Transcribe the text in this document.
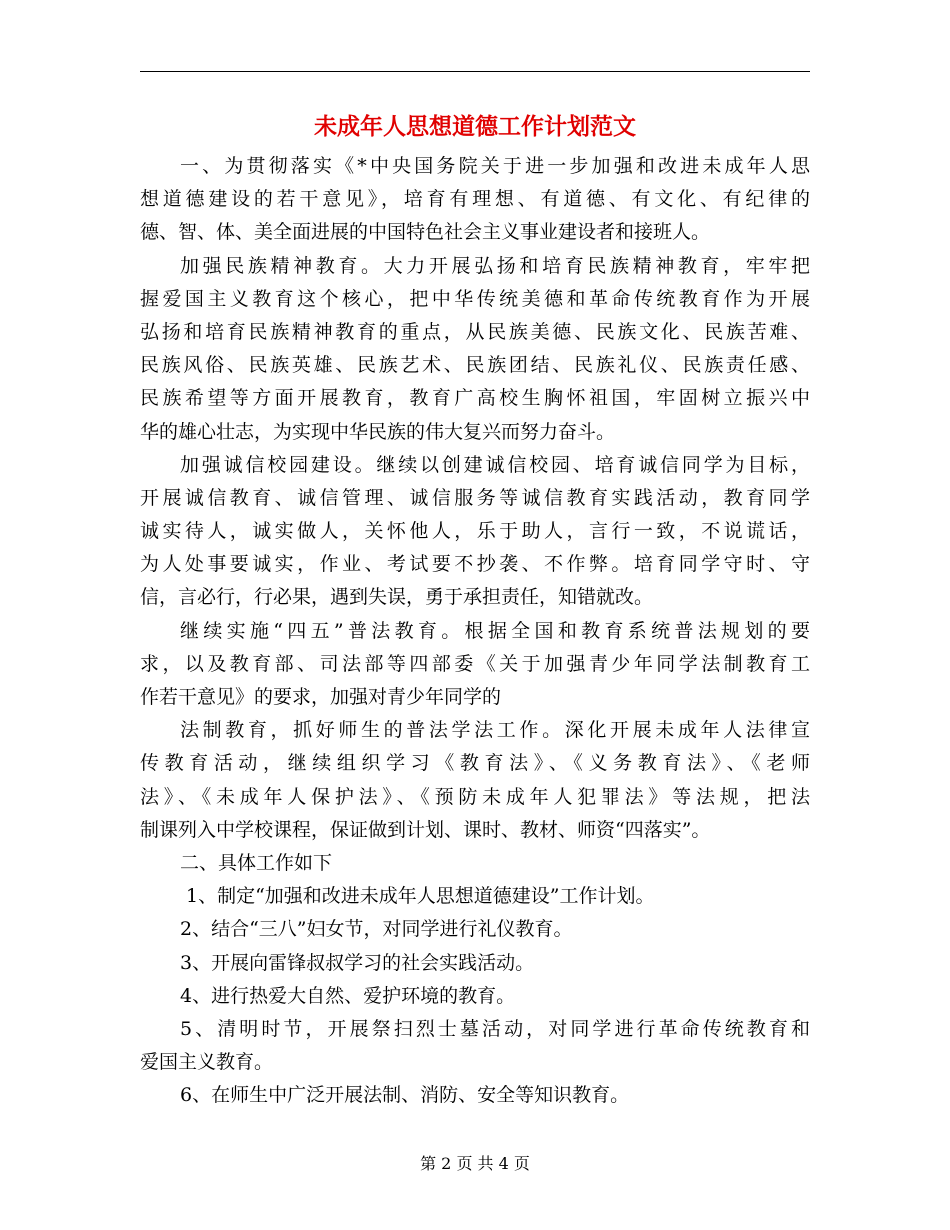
未成年人思想道德工作计划范文
一、为贯彻落实《*中央国务院关于进一步加强和改进未成年人思
想道德建设的若干意见》，培育有理想、有道德、有文化、有纪律的
德、智、体、美全面进展的中国特色社会主义事业建设者和接班人。
加强民族精神教育。大力开展弘扬和培育民族精神教育，牢牢把
握爱国主义教育这个核心，把中华传统美德和革命传统教育作为开展
弘扬和培育民族精神教育的重点，从民族美德、民族文化、民族苦难、
民族风俗、民族英雄、民族艺术、民族团结、民族礼仪、民族责任感、
民族希望等方面开展教育，教育广高校生胸怀祖国，牢固树立振兴中
华的雄心壮志，为实现中华民族的伟大复兴而努力奋斗。
加强诚信校园建设。继续以创建诚信校园、培育诚信同学为目标，
开展诚信教育、诚信管理、诚信服务等诚信教育实践活动，教育同学
诚实待人，诚实做人，关怀他人，乐于助人，言行一致，不说谎话，
为人处事要诚实，作业、考试要不抄袭、不作弊。培育同学守时、守
信，言必行，行必果，遇到失误，勇于承担责任，知错就改。
继续实施“四五”普法教育。根据全国和教育系统普法规划的要
求，以及教育部、司法部等四部委《关于加强青少年同学法制教育工
作若干意见》的要求，加强对青少年同学的
法制教育，抓好师生的普法学法工作。深化开展未成年人法律宣
传教育活动，继续组织学习《教育法》、《义务教育法》、《老师
法》、《未成年人保护法》、《预防未成年人犯罪法》等法规，把法
制课列入中学校课程，保证做到计划、课时、教材、师资“四落实”。
二、具体工作如下
1、制定“加强和改进未成年人思想道德建设”工作计划。
2、结合“三八”妇女节，对同学进行礼仪教育。
3、开展向雷锋叔叔学习的社会实践活动。
4、进行热爱大自然、爱护环境的教育。
5、清明时节，开展祭扫烈士墓活动，对同学进行革命传统教育和
爱国主义教育。
6、在师生中广泛开展法制、消防、安全等知识教育。
第 2 页 共 4 页
